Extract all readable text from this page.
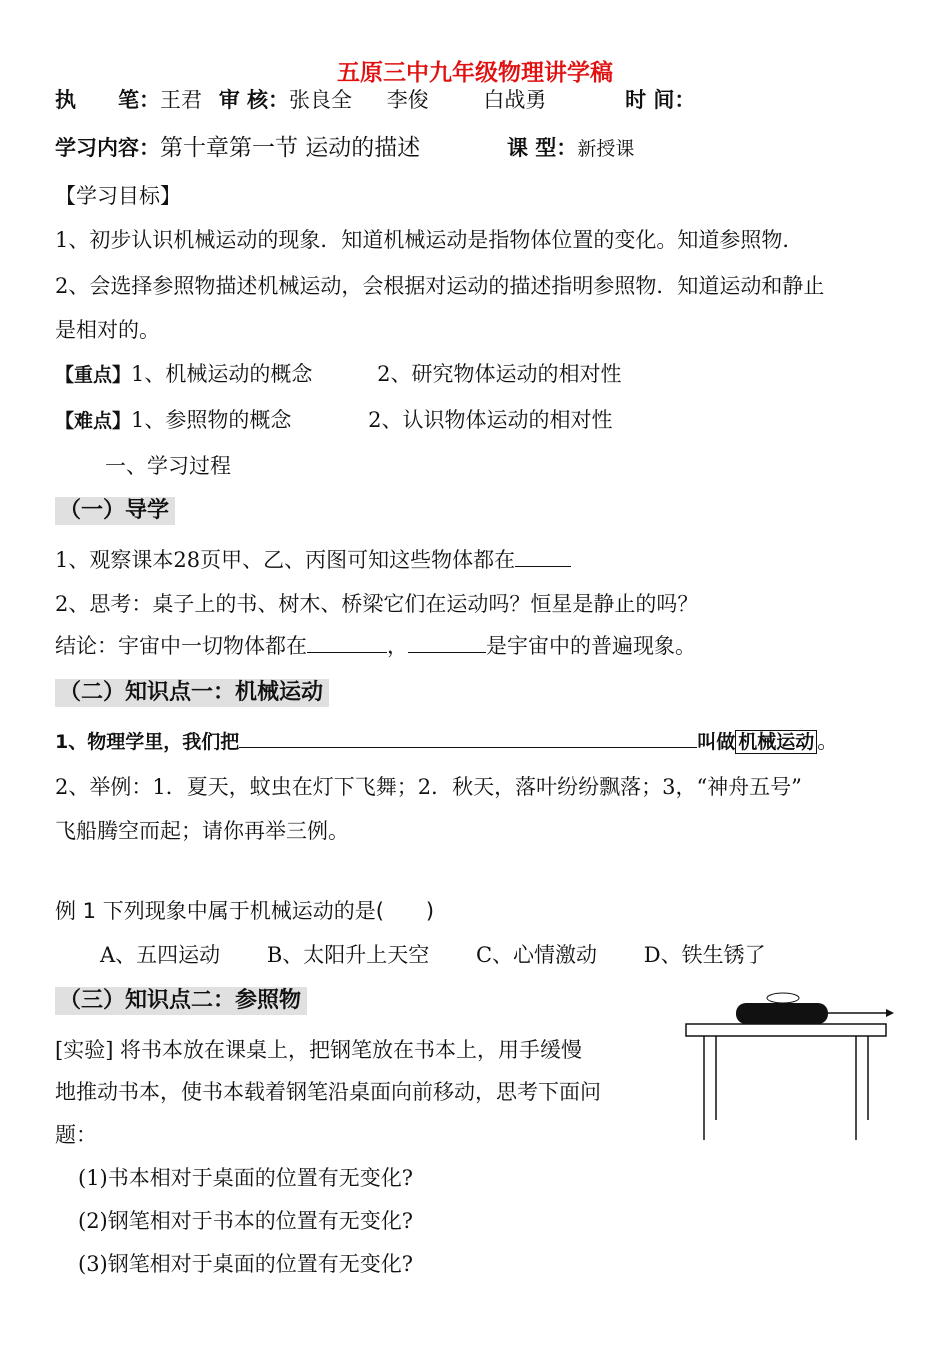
五原三中九年级物理讲学稿
执　　笔：王君 审 核：张良全 李俊	白战勇	时 间：
学习内容：第十章第一节 运动的描述	课 型：新授课
【学习目标】
1、初步认识机械运动的现象．知道机械运动是指物体位置的变化。知道参照物．
2、会选择参照物描述机械运动，会根据对运动的描述指明参照物．知道运动和静止
是相对的。
【重点】1、机械运动的概念	2、研究物体运动的相对性
【难点】1、参照物的概念	2、认识物体运动的相对性
一、学习过程
（一）导学
1、观察课本28页甲、乙、丙图可知这些物体都在
2、思考：桌子上的书、树木、桥梁它们在运动吗？恒星是静止的吗？
结论：宇宙中一切物体都在	，	是宇宙中的普遍现象。
（二）知识点一：机械运动
1、物理学里，我们把	叫做 机械运动 。
2、举例：1．夏天，蚊虫在灯下飞舞；2．秋天，落叶纷纷飘落；3，“神舟五号”
飞船腾空而起；请你再举三例。
例 1 下列现象中属于机械运动的是(　　)
A、五四运动 B、太阳升上天空 C、心情激动 D、铁生锈了
（三）知识点二：参照物
[实验] 将书本放在课桌上，把钢笔放在书本上，用手缓慢
地推动书本，使书本载着钢笔沿桌面向前移动，思考下面问
题：
(1)书本相对于桌面的位置有无变化?
(2)钢笔相对于书本的位置有无变化?
(3)钢笔相对于桌面的位置有无变化?
